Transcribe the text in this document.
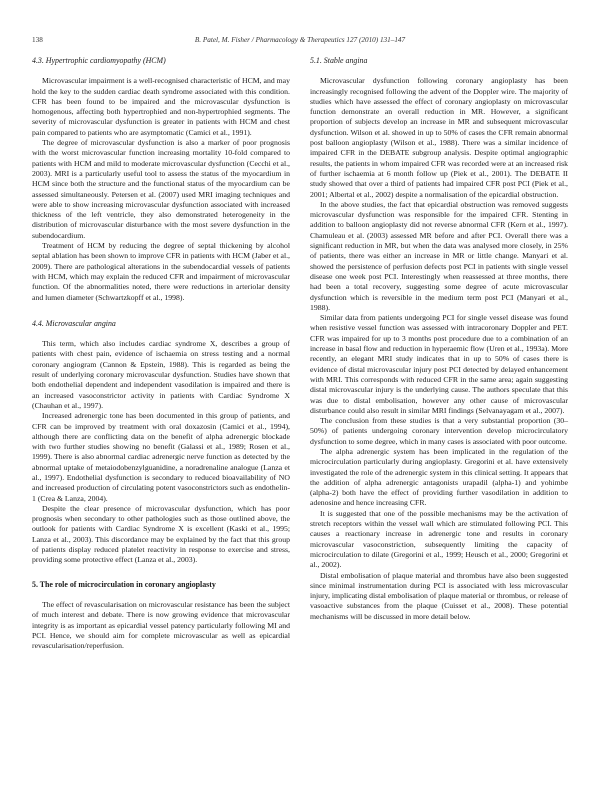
138	B. Patel, M. Fisher / Pharmacology & Therapeutics 127 (2010) 131–147
4.3. Hypertrophic cardiomyopathy (HCM)

Microvascular impairment is a well-recognised characteristic of HCM, and may hold the key to the sudden cardiac death syndrome associated with this condition. CFR has been found to be impaired and the microvascular dysfunction is homogenous, affecting both hypertrophied and non-hypertrophied segments. The severity of microvascular dysfunction is greater in patients with HCM and chest pain compared to patients who are asymptomatic (Camici et al., 1991).

The degree of microvascular dysfunction is also a marker of poor prognosis with the worst microvascular function increasing mortality 10-fold compared to patients with HCM and mild to moderate microvascular dysfunction (Cecchi et al., 2003). MRI is a particularly useful tool to assess the status of the myocardium in HCM since both the structure and the functional status of the myocardium can be assessed simultaneously. Petersen et al. (2007) used MRI imaging techniques and were able to show increasing microvascular dysfunction associated with increased thickness of the left ventricle, they also demonstrated heterogeneity in the distribution of microvascular disturbance with the most severe dysfunction in the subendocardium.

Treatment of HCM by reducing the degree of septal thickening by alcohol septal ablation has been shown to improve CFR in patients with HCM (Jaber et al., 2009). There are pathological alterations in the subendocardial vessels of patients with HCM, which may explain the reduced CFR and impairment of microvascular function. Of the abnormalities noted, there were reductions in arteriolar density and lumen diameter (Schwartzkopff et al., 1998).

4.4. Microvascular angina

This term, which also includes cardiac syndrome X, describes a group of patients with chest pain, evidence of ischaemia on stress testing and a normal coronary angiogram (Cannon & Epstein, 1988). This is regarded as being the result of underlying coronary microvascular dysfunction. Studies have shown that both endothelial dependent and independent vasodilation is impaired and there is an increased vasoconstrictor activity in patients with Cardiac Syndrome X (Chauhan et al., 1997).

Increased adrenergic tone has been documented in this group of patients, and CFR can be improved by treatment with oral doxazosin (Camici et al., 1994), although there are conflicting data on the benefit of alpha adrenergic blockade with two further studies showing no benefit (Galassi et al., 1989; Rosen et al., 1999). There is also abnormal cardiac adrenergic nerve function as detected by the abnormal uptake of metaiodobenzylguanidine, a noradrenaline analogue (Lanza et al., 1997). Endothelial dysfunction is secondary to reduced bioavailability of NO and increased production of circulating potent vasoconstrictors such as endothelin-1 (Crea & Lanza, 2004).

Despite the clear presence of microvascular dysfunction, which has poor prognosis when secondary to other pathologies such as those outlined above, the outlook for patients with Cardiac Syndrome X is excellent (Kaski et al., 1995; Lanza et al., 2003). This discordance may be explained by the fact that this group of patients display reduced platelet reactivity in response to exercise and stress, providing some protective effect (Lanza et al., 2003).

5. The role of microcirculation in coronary angioplasty

The effect of revascularisation on microvascular resistance has been the subject of much interest and debate. There is now growing evidence that microvascular integrity is as important as epicardial vessel patency particularly following MI and PCI. Hence, we should aim for complete microvascular as well as epicardial revascularisation/reperfusion.

5.1. Stable angina

Microvascular dysfunction following coronary angioplasty has been increasingly recognised following the advent of the Doppler wire. The majority of studies which have assessed the effect of coronary angioplasty on microvascular function demonstrate an overall reduction in MR. However, a significant proportion of subjects develop an increase in MR and subsequent microvascular dysfunction. Wilson et al. showed in up to 50% of cases the CFR remain abnormal post balloon angioplasty (Wilson et al., 1988). There was a similar incidence of impaired CFR in the DEBATE subgroup analysis. Despite optimal angiographic results, the patients in whom impaired CFR was recorded were at an increased risk of further ischaemia at 6 month follow up (Piek et al., 2001). The DEBATE II study showed that over a third of patients had impaired CFR post PCI (Piek et al., 2001; Albertal et al., 2002) despite a normalisation of the epicardial obstruction.

In the above studies, the fact that epicardial obstruction was removed suggests microvascular dysfunction was responsible for the impaired CFR. Stenting in addition to balloon angioplasty did not reverse abnormal CFR (Kern et al., 1997). Chamuleau et al. (2003) assessed MR before and after PCI. Overall there was a significant reduction in MR, but when the data was analysed more closely, in 25% of patients, there was either an increase in MR or little change. Manyari et al. showed the persistence of perfusion defects post PCI in patients with single vessel disease one week post PCI. Interestingly when reassessed at three months, there had been a total recovery, suggesting some degree of acute microvascular dysfunction which is reversible in the medium term post PCI (Manyari et al., 1988).

Similar data from patients undergoing PCI for single vessel disease was found when resistive vessel function was assessed with intracoronary Doppler and PET. CFR was impaired for up to 3 months post procedure due to a combination of an increase in basal flow and reduction in hyperaemic flow (Uren et al., 1993a). More recently, an elegant MRI study indicates that in up to 50% of cases there is evidence of distal microvascular injury post PCI detected by delayed enhancement with MRI. This corresponds with reduced CFR in the same area; again suggesting distal microvascular injury is the underlying cause. The authors speculate that this was due to distal embolisation, however any other cause of microvascular disturbance could also result in similar MRI findings (Selvanayagam et al., 2007).

The conclusion from these studies is that a very substantial proportion (30–50%) of patients undergoing coronary intervention develop microcirculatory dysfunction to some degree, which in many cases is associated with poor outcome.

The alpha adrenergic system has been implicated in the regulation of the microcirculation particularly during angioplasty. Gregorini et al. have extensively investigated the role of the adrenergic system in this clinical setting. It appears that the addition of alpha adrenergic antagonists urapadil (alpha-1) and yohimbe (alpha-2) both have the effect of providing further vasodilation in addition to adenosine and hence increasing CFR.

It is suggested that one of the possible mechanisms may be the activation of stretch receptors within the vessel wall which are stimulated following PCI. This causes a reactionary increase in adrenergic tone and results in coronary microvascular vasoconstriction, subsequently limiting the capacity of microcirculation to dilate (Gregorini et al., 1999; Heusch et al., 2000; Gregorini et al., 2002).

Distal embolisation of plaque material and thrombus have also been suggested since minimal instrumentation during PCI is associated with less microvascular injury, implicating distal embolisation of plaque material or thrombus, or release of vasoactive substances from the plaque (Cuisset et al., 2008). These potential mechanisms will be discussed in more detail below.
